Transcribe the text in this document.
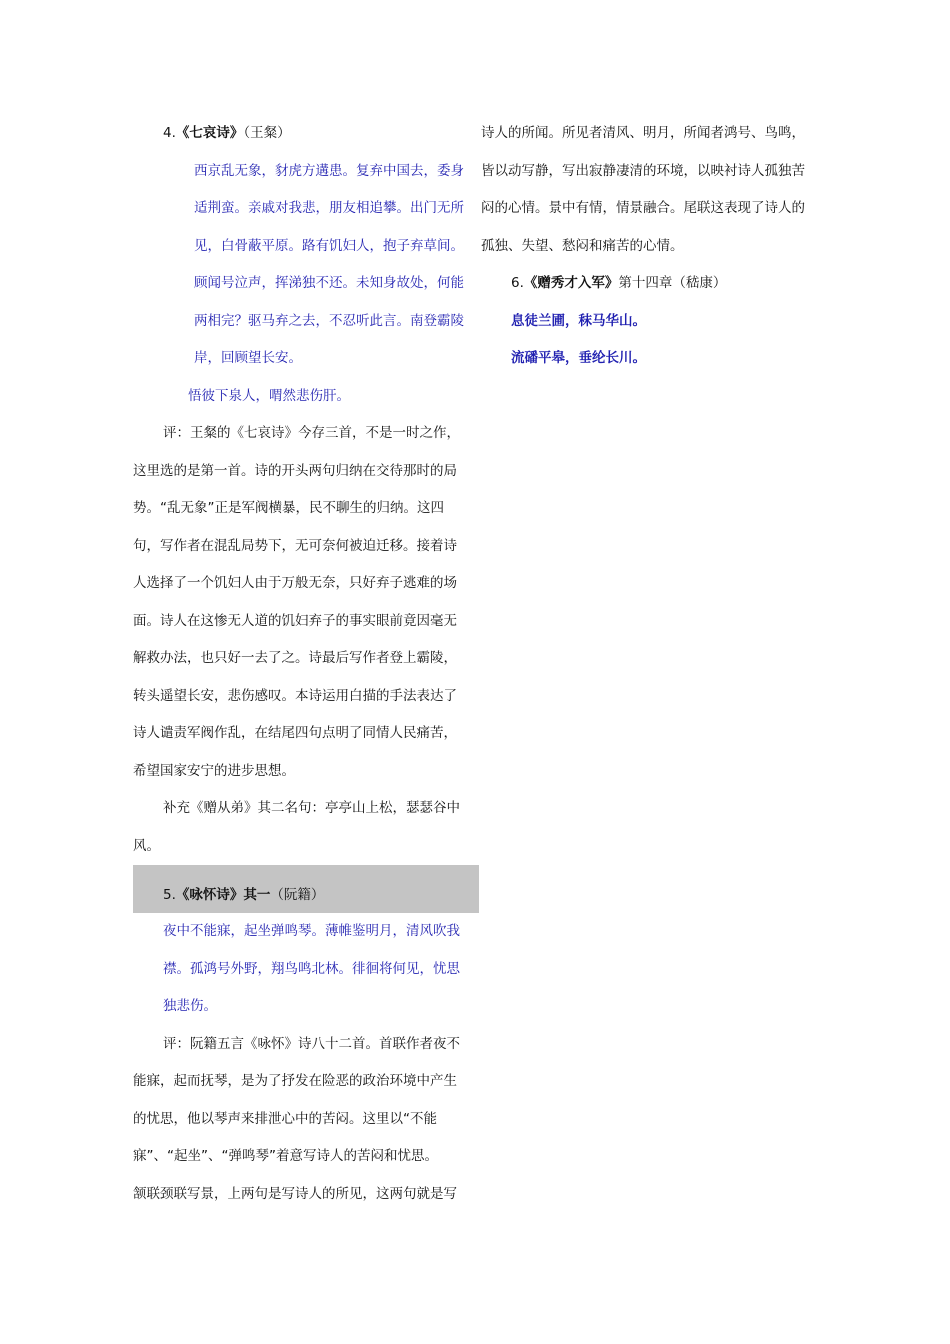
4.《七哀诗》（王粲）
西京乱无象，豺虎方遘患。复弃中国去，委身
适荆蛮。亲戚对我悲，朋友相追攀。出门无所
见，白骨蔽平原。路有饥妇人，抱子弃草间。
顾闻号泣声，挥涕独不还。未知身故处，何能
两相完？驱马弃之去，不忍听此言。南登霸陵
岸，回顾望长安。
悟彼下泉人，喟然悲伤肝。
评：王粲的《七哀诗》今存三首，不是一时之作，
这里选的是第一首。诗的开头两句归纳在交待那时的局
势。“乱无象”正是军阀横暴，民不聊生的归纳。这四
句，写作者在混乱局势下，无可奈何被迫迁移。接着诗
人选择了一个饥妇人由于万般无奈，只好弃子逃难的场
面。诗人在这惨无人道的饥妇弃子的事实眼前竟因毫无
解救办法，也只好一去了之。诗最后写作者登上霸陵，
转头遥望长安，悲伤感叹。本诗运用白描的手法表达了
诗人谴责军阀作乱，在结尾四句点明了同情人民痛苦，
希望国家安宁的进步思想。
补充《赠从弟》其二名句：亭亭山上松，瑟瑟谷中
风。
5.《咏怀诗》其一（阮籍）
夜中不能寐，起坐弹鸣琴。薄帷鉴明月，清风吹我
襟。孤鸿号外野，翔鸟鸣北林。徘徊将何见，忧思
独悲伤。
评：阮籍五言《咏怀》诗八十二首。首联作者夜不
能寐，起而抚琴，是为了抒发在险恶的政治环境中产生
的忧思，他以琴声来排泄心中的苦闷。这里以“不能
寐”、“起坐”、“弹鸣琴”着意写诗人的苦闷和忧思。
颔联颈联写景，上两句是写诗人的所见，这两句就是写
诗人的所闻。所见者清风、明月，所闻者鸿号、鸟鸣，
皆以动写静，写出寂静凄清的环境，以映衬诗人孤独苦
闷的心情。景中有情，情景融合。尾联这表现了诗人的
孤独、失望、愁闷和痛苦的心情。
6.《赠秀才入军》第十四章（嵇康）
息徒兰圃，秣马华山。
流磻平皋，垂纶长川。
